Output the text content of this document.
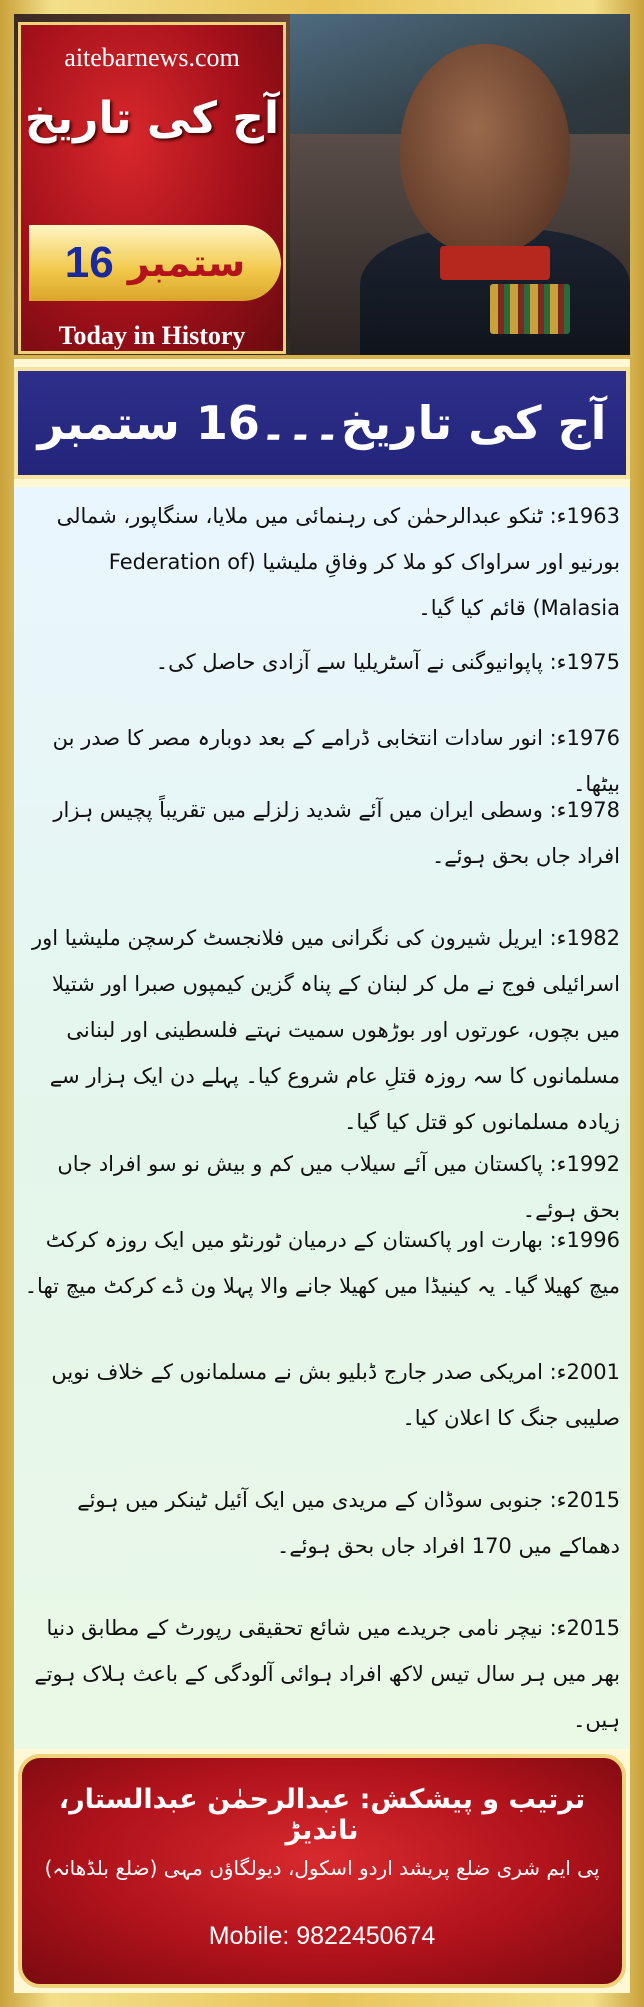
aitebarnews.com
آج کی تاریخ
ستمبر
16
Today in History
آج کی تاریخ۔۔۔16 ستمبر

1963ء: ٹنکو عبدالرحمٰن کی رہنمائی میں ملایا، سنگاپور، شمالی بورنیو اور سراواک کو ملا کر وفاقِ ملیشیا (Federation of Malasia) قائم کیا گیا۔

1975ء: پاپوانیوگنی نے آسٹریلیا سے آزادی حاصل کی۔

1976ء: انور سادات انتخابی ڈرامے کے بعد دوبارہ مصر کا صدر بن بیٹھا۔

1978ء: وسطی ایران میں آئے شدید زلزلے میں تقریباً پچیس ہزار افراد جاں بحق ہوئے۔

1982ء: ایریل شیرون کی نگرانی میں فلانجسٹ کرسچن ملیشیا اور اسرائیلی فوج نے مل کر لبنان کے پناہ گزین کیمپوں صبرا اور شتیلا میں بچوں، عورتوں اور بوڑھوں سمیت نہتے فلسطینی اور لبنانی مسلمانوں کا سہ روزہ قتلِ عام شروع کیا۔ پہلے دن ایک ہزار سے زیادہ مسلمانوں کو قتل کیا گیا۔

1992ء: پاکستان میں آئے سیلاب میں کم و بیش نو سو افراد جاں بحق ہوئے۔

1996ء: بھارت اور پاکستان کے درمیان ٹورنٹو میں ایک روزہ کرکٹ میچ کھیلا گیا۔ یہ کینیڈا میں کھیلا جانے والا پہلا ون ڈے کرکٹ میچ تھا۔

2001ء: امریکی صدر جارج ڈبلیو بش نے مسلمانوں کے خلاف نویں صلیبی جنگ کا اعلان کیا۔

2015ء: جنوبی سوڈان کے مریدی میں ایک آئیل ٹینکر میں ہوئے دھماکے میں 170 افراد جاں بحق ہوئے۔

2015ء: نیچر نامی جریدے میں شائع تحقیقی رپورٹ کے مطابق دنیا بھر میں ہر سال تیس لاکھ افراد ہوائی آلودگی کے باعث ہلاک ہوتے ہیں۔

ترتیب و پیشکش: عبدالرحمٰن عبدالستار، ناندیڑ
پی ایم شری ضلع پریشد اردو اسکول، دیولگاؤں مہی (ضلع بلڈھانہ)
Mobile: 9822450674
